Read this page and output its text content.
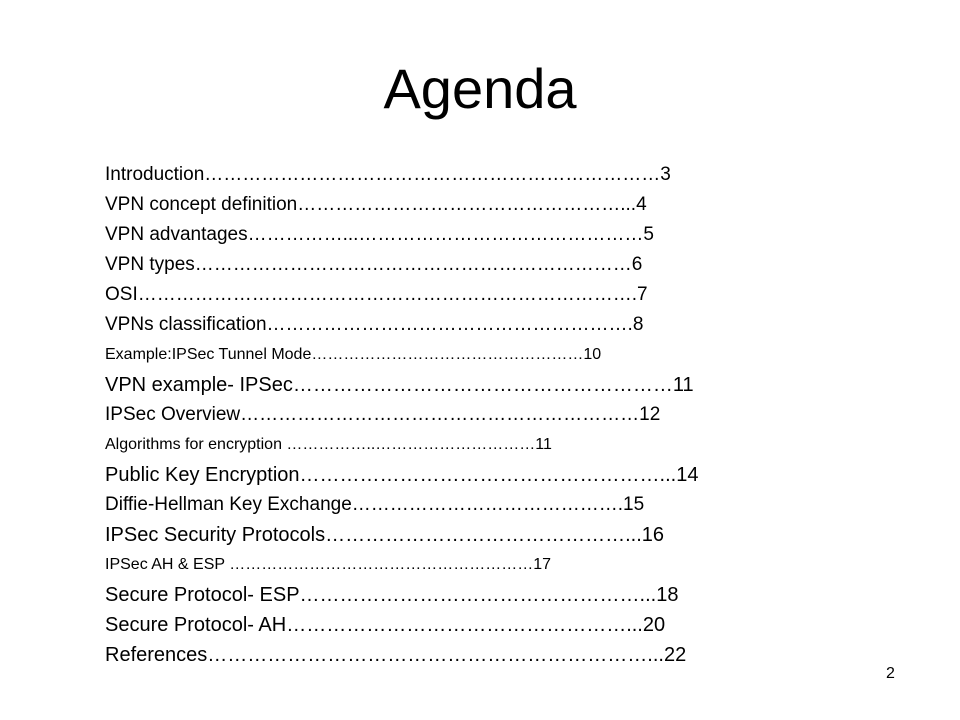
Agenda
Introduction………………………………………………………………3
VPN concept definition……………………………………………...4
VPN advantages……………...………………………………………5
VPN types……………………………………………………………6
OSI…………………………………………………………………….7
VPNs classification………………………………………………….8
Example:IPSec Tunnel Mode……………………………………………10
VPN example- IPSec…………………………………………………11
IPSec Overview………………………………………………………12
Algorithms for encryption ……………..…………………………11
Public Key Encryption………………………………………………...14
Diffie-Hellman Key Exchange…………………………………….15
IPSec Security Protocols………………………………………...16
IPSec AH & ESP …………………………………………………17
Secure Protocol- ESP……………………………………………...18
Secure Protocol- AH……………………………………………...20
References…………………………………………………………...22
2
